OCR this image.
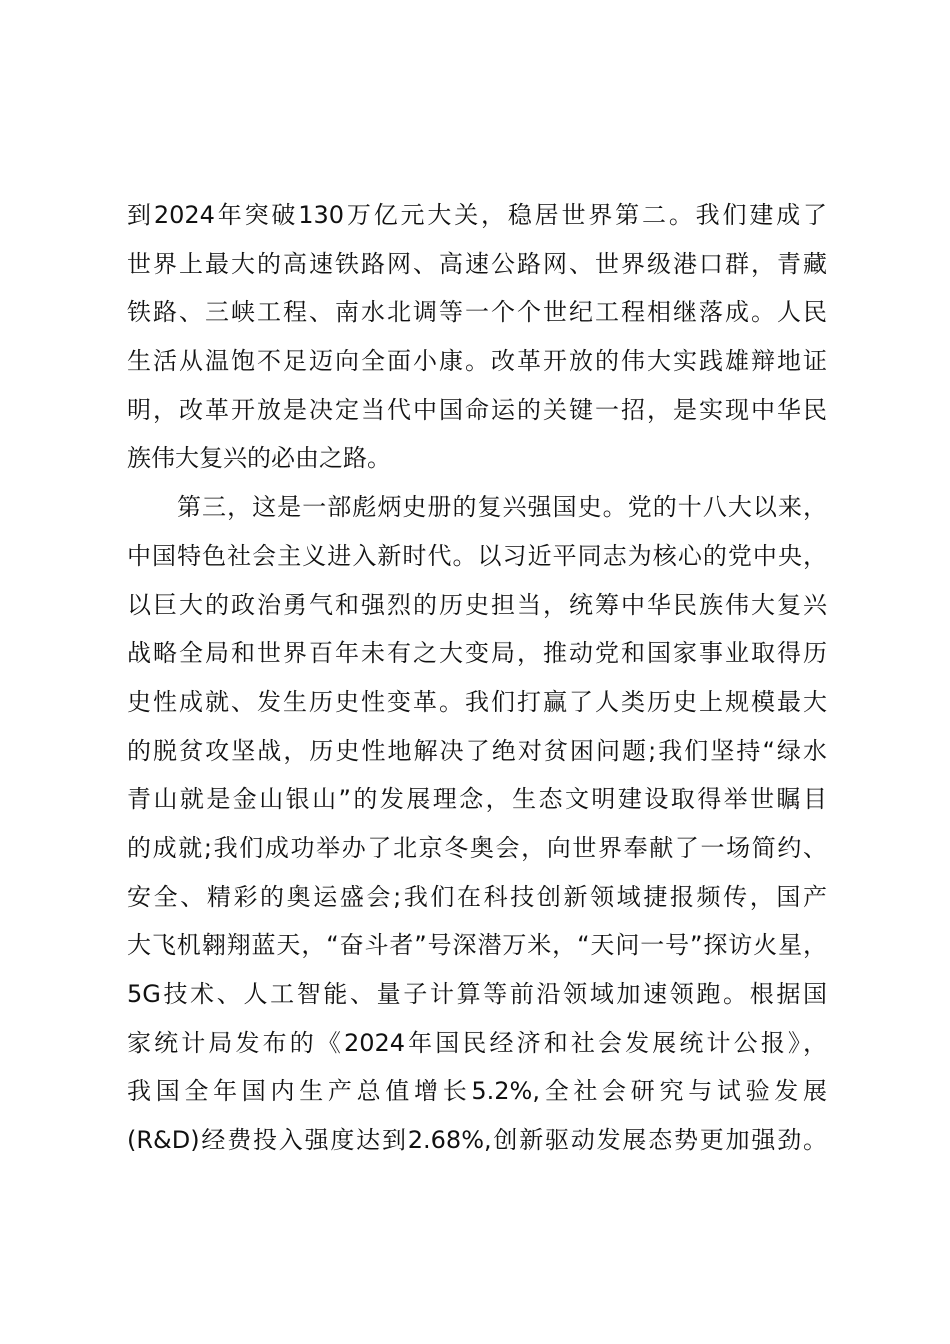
到2024年突破130万亿元大关，稳居世界第二。我们建成了
世界上最大的高速铁路网、高速公路网、世界级港口群，青藏
铁路、三峡工程、南水北调等一个个世纪工程相继落成。人民
生活从温饱不足迈向全面小康。改革开放的伟大实践雄辩地证
明，改革开放是决定当代中国命运的关键一招，是实现中华民
族伟大复兴的必由之路。
第三，这是一部彪炳史册的复兴强国史。党的十八大以来，
中国特色社会主义进入新时代。以习近平同志为核心的党中央，
以巨大的政治勇气和强烈的历史担当，统筹中华民族伟大复兴
战略全局和世界百年未有之大变局，推动党和国家事业取得历
史性成就、发生历史性变革。我们打赢了人类历史上规模最大
的脱贫攻坚战，历史性地解决了绝对贫困问题;我们坚持“绿水
青山就是金山银山”的发展理念，生态文明建设取得举世瞩目
的成就;我们成功举办了北京冬奥会，向世界奉献了一场简约、
安全、精彩的奥运盛会;我们在科技创新领域捷报频传，国产
大飞机翱翔蓝天，“奋斗者”号深潜万米，“天问一号”探访火星，
5G技术、人工智能、量子计算等前沿领域加速领跑。根据国
家统计局发布的《2024年国民经济和社会发展统计公报》，
我国全年国内生产总值增长5.2%,全社会研究与试验发展
(R&D)经费投入强度达到2.68%,创新驱动发展态势更加强劲。
